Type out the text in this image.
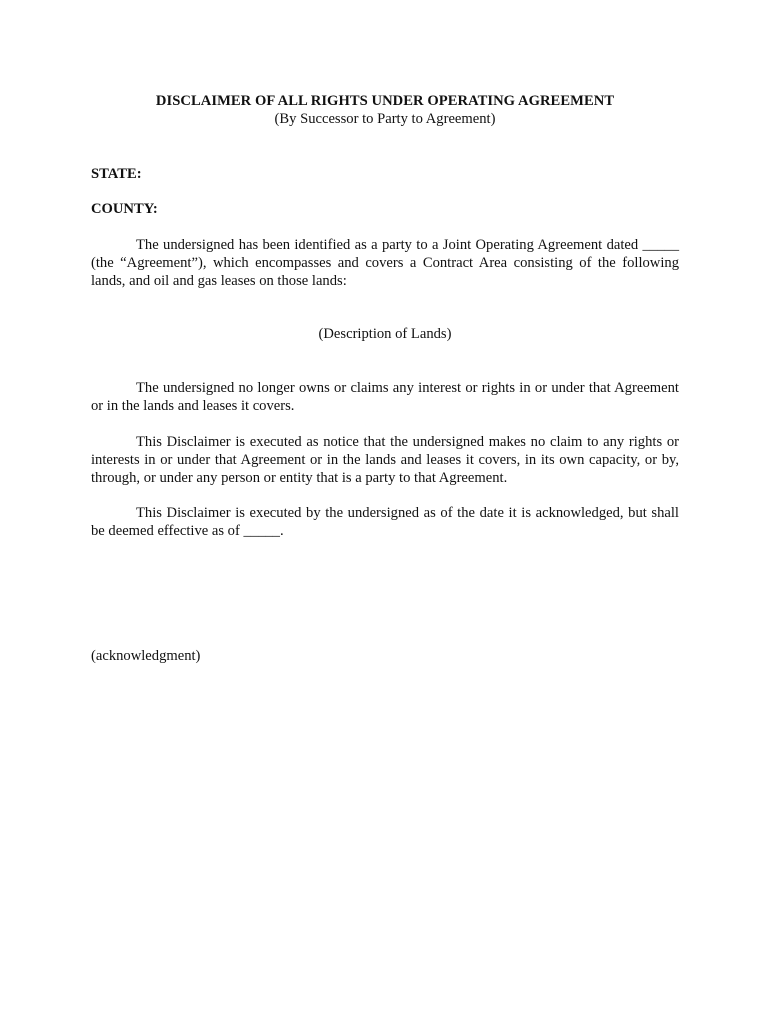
DISCLAIMER OF ALL RIGHTS UNDER OPERATING AGREEMENT
(By Successor to Party to Agreement)
STATE:
COUNTY:

The undersigned has been identified as a party to a Joint Operating Agreement dated _____ (the “Agreement”), which encompasses and covers a Contract Area consisting of the following lands, and oil and gas leases on those lands:

(Description of Lands)

The undersigned no longer owns or claims any interest or rights in or under that Agreement or in the lands and leases it covers.

This Disclaimer is executed as notice that the undersigned makes no claim to any rights or interests in or under that Agreement or in the lands and leases it covers, in its own capacity, or by, through, or under any person or entity that is a party to that Agreement.

This Disclaimer is executed by the undersigned as of the date it is acknowledged, but shall be deemed effective as of _____.

(acknowledgment)
